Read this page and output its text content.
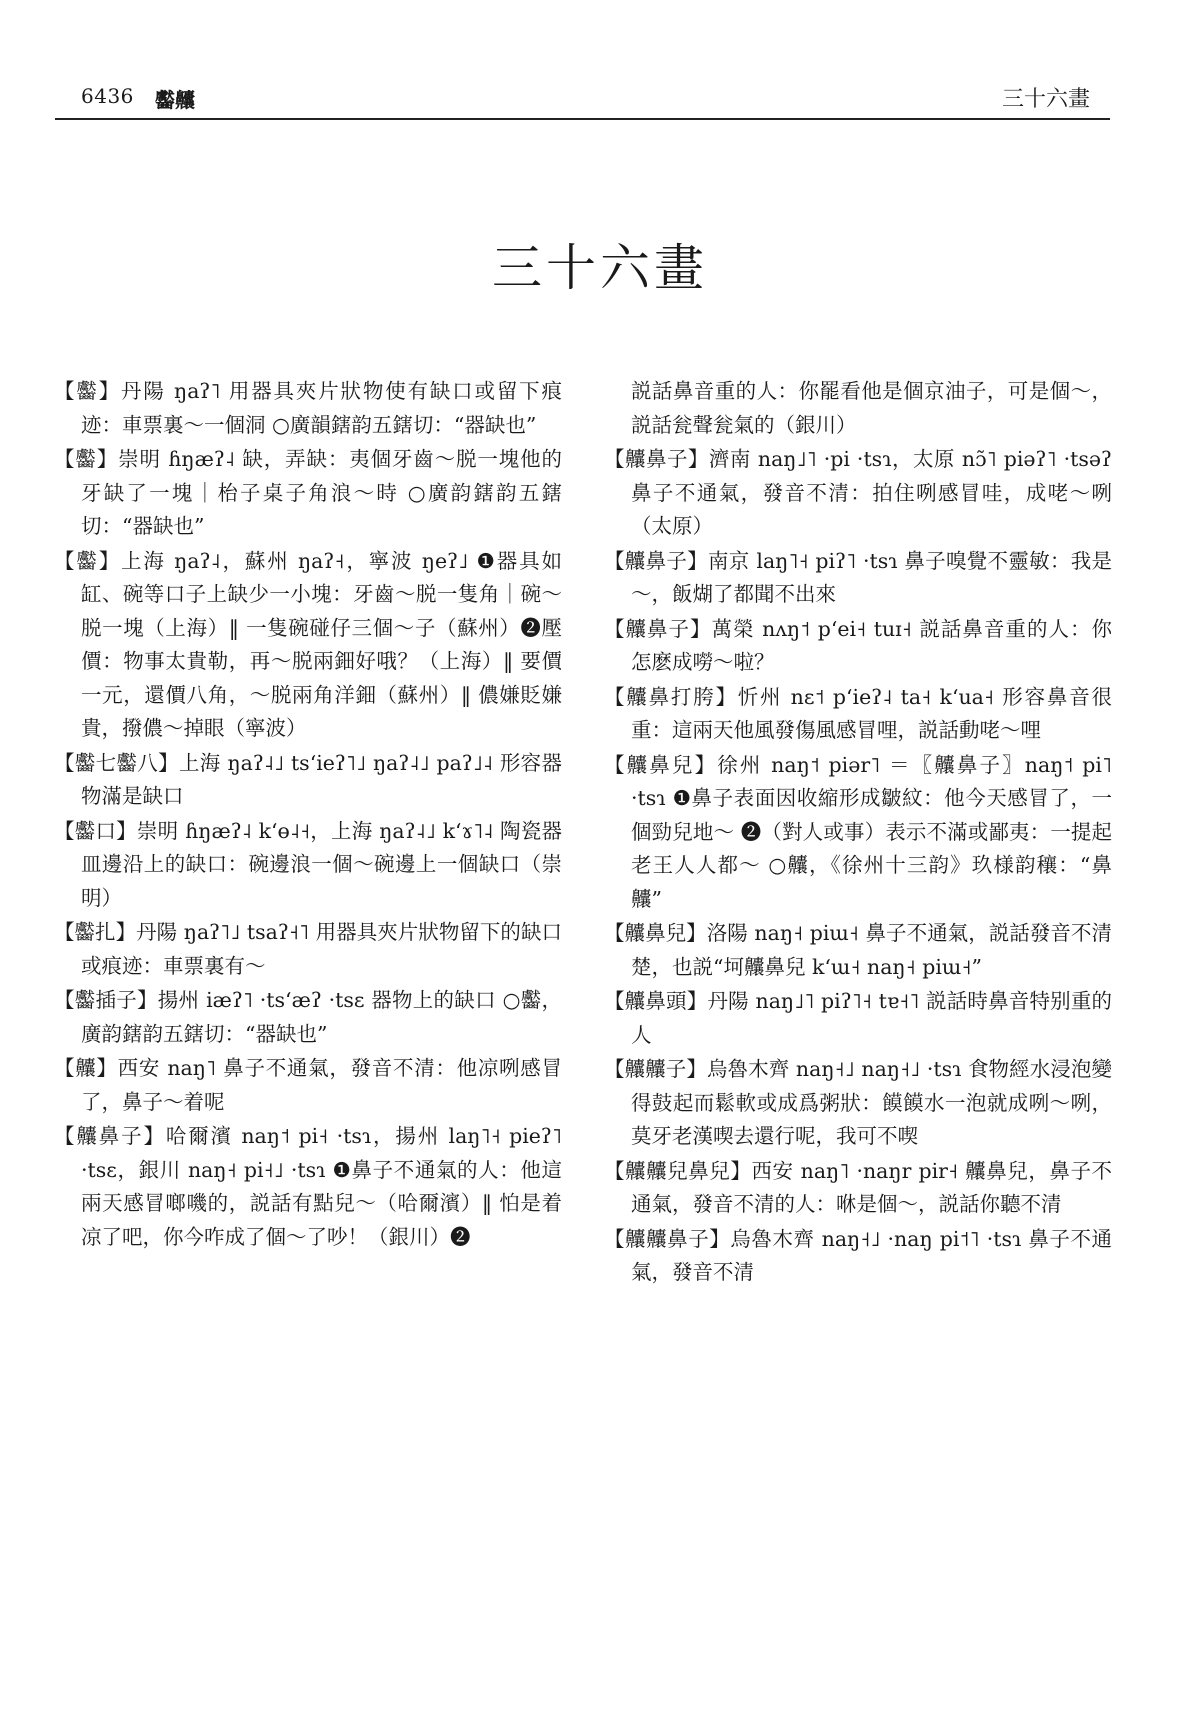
6436 齾齉	三十六畫
三十六畫
【齾】丹陽 ŋaʔ˥ 用器具夾片狀物使有缺口或留下痕迹：車票裏～一個洞 ○廣韻鎋韵五鎋切：“器缺也”
【齾】崇明 ɦŋæʔ˨ 缺，弄缺：夷個牙齒～脱一塊他的牙缺了一塊｜枱子桌子角浪～時 ○廣韵鎋韵五鎋切：“器缺也”
【齾】上海 ŋaʔ˨，蘇州 ŋaʔ˧，寧波 ŋeʔ˩ ❶器具如缸、碗等口子上缺少一小塊：牙齒～脱一隻角｜碗～脱一塊（上海）‖ 一隻碗碰仔三個～子（蘇州）❷壓價：物事太貴勒，再～脱兩鈿好哦？（上海）‖ 要價一元，還價八角，～脱兩角洋鈿（蘇州）‖ 儂嫌貶嫌貴，撥儂～掉眼（寧波）
【齾七齾八】上海 ŋaʔ˨˩ tsʻieʔ˥˩ ŋaʔ˨˩ paʔ˩˨ 形容器物滿是缺口
【齾口】崇明 ɦŋæʔ˨ kʻɵ˨˧，上海 ŋaʔ˨˩ kʻɤ˥˨ 陶瓷器皿邊沿上的缺口：碗邊浪一個～碗邊上一個缺口（崇明）
【齾扎】丹陽 ŋaʔ˥˩ tsaʔ˧˥ 用器具夾片狀物留下的缺口或痕迹：車票裏有～
【齾插子】揚州 iæʔ˥ ·tsʻæʔ ·tsɛ 器物上的缺口 ○齾，廣韵鎋韵五鎋切：“器缺也”
【齉】西安 naŋ˥ 鼻子不通氣，發音不清：他凉咧感冒了，鼻子～着呢
【齉鼻子】哈爾濱 naŋ˦ pi˧ ·tsɿ，揚州 laŋ˥˧ pieʔ˥ ·tsɛ，銀川 naŋ˧ pi˧˩ ·tsɿ ❶鼻子不通氣的人：他這兩天感冒啷嘰的，説話有點兒～（哈爾濱）‖ 怕是着凉了吧，你今咋成了個～了吵！（銀川）❷
説話鼻音重的人：你罷看他是個京油子，可是個～，説話瓮聲瓮氣的（銀川）
【齉鼻子】濟南 naŋ˩˥ ·pi ·tsɿ，太原 nɔ̃˥ piəʔ˥ ·tsəʔ 鼻子不通氣，發音不清：拍住咧感冒哇，成咾～咧（太原）
【齉鼻子】南京 laŋ˥˧ piʔ˥ ·tsɿ 鼻子嗅覺不靈敏：我是～，飯煳了都聞不出來
【齉鼻子】萬榮 nʌŋ˦ pʻei˧ tuɪ˧ 説話鼻音重的人：你怎麽成嘮～啦？
【齉鼻打胯】忻州 nɛ˦ pʻieʔ˨ ta˧ kʻua˧ 形容鼻音很重：這兩天他風發傷風感冒哩，説話動咾～哩
【齉鼻兒】徐州 naŋ˦ piər˥ ＝〖齉鼻子〗naŋ˦ pi˥ ·tsɿ ❶鼻子表面因收縮形成皺紋：他今天感冒了，一個勁兒地～ ❷（對人或事）表示不滿或鄙夷：一提起老王人人都～ ○齉，《徐州十三韵》玖様韵穰：“鼻齉”
【齉鼻兒】洛陽 naŋ˧ piɯ˧ 鼻子不通氣，説話發音不清楚，也説“坷齉鼻兒 kʻɯ˧ naŋ˧ piɯ˧”
【齉鼻頭】丹陽 naŋ˩˥ piʔ˥˧ tɐ˧˥ 説話時鼻音特别重的人
【齉齉子】烏魯木齊 naŋ˧˩ naŋ˧˩ ·tsɿ 食物經水浸泡變得鼓起而鬆軟或成爲粥狀：饃饃水一泡就成咧～咧，莫牙老漢喫去還行呢，我可不喫
【齉齉兒鼻兒】西安 naŋ˥ ·naŋr pir˧ 齉鼻兒，鼻子不通氣，發音不清的人：咻是個～，説話你聽不清
【齉齉鼻子】烏魯木齊 naŋ˧˩ ·naŋ pi˦˥ ·tsɿ 鼻子不通氣，發音不清
